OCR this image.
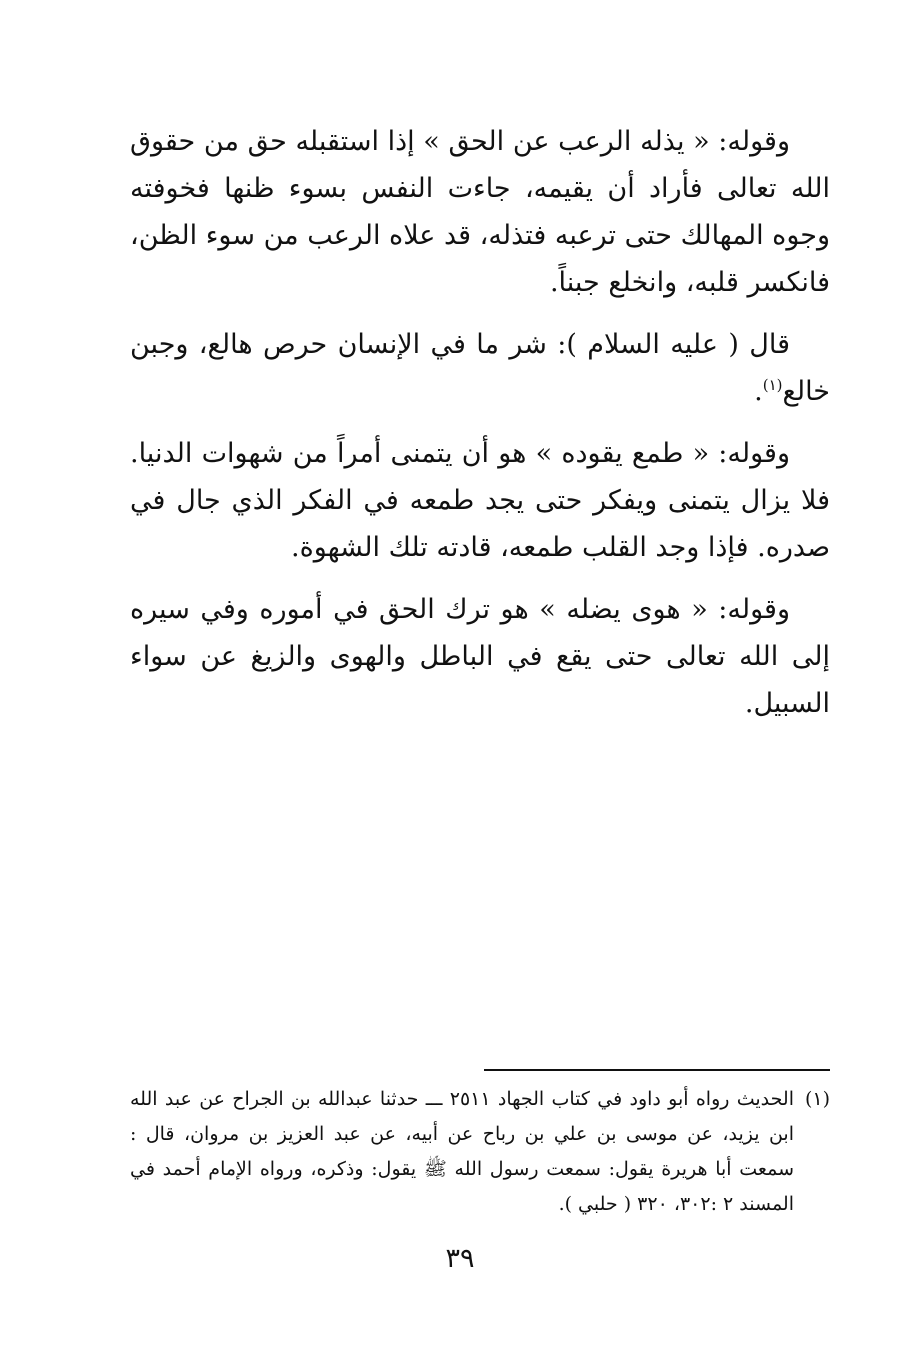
وقوله: « يذله الرعب عن الحق » إذا استقبله حق من حقوق الله تعالى فأراد أن يقيمه، جاءت النفس بسوء ظنها فخوفته وجوه المهالك حتى ترعبه فتذله، قد علاه الرعب من سوء الظن، فانكسر قلبه، وانخلع جبناً.

قال ( عليه السلام ): شر ما في الإنسان حرص هالع، وجبن خالع$^{(١)}$.

وقوله: « طمع يقوده » هو أن يتمنى أمراً من شهوات الدنيا. فلا يزال يتمنى ويفكر حتى يجد طمعه في الفكر الذي جال في صدره. فإذا وجد القلب طمعه، قادته تلك الشهوة.

وقوله: « هوى يضله » هو ترك الحق في أموره وفي سيره إلى الله تعالى حتى يقع في الباطل والهوى والزيغ عن سواء السبيل.

(١)
الحديث رواه أبو داود في كتاب الجهاد ٢٥١١ ـــ حدثنا عبدالله بن الجراح عن عبد الله ابن يزيد، عن موسى بن علي بن رباح عن أبيه، عن عبد العزيز بن مروان، قال : سمعت أبا هريرة يقول: سمعت رسول الله ﷺ يقول: وذكره، ورواه الإمام أحمد في المسند ٢ :٣٠٢، ٣٢٠ ( حلبي ).

٣٩
